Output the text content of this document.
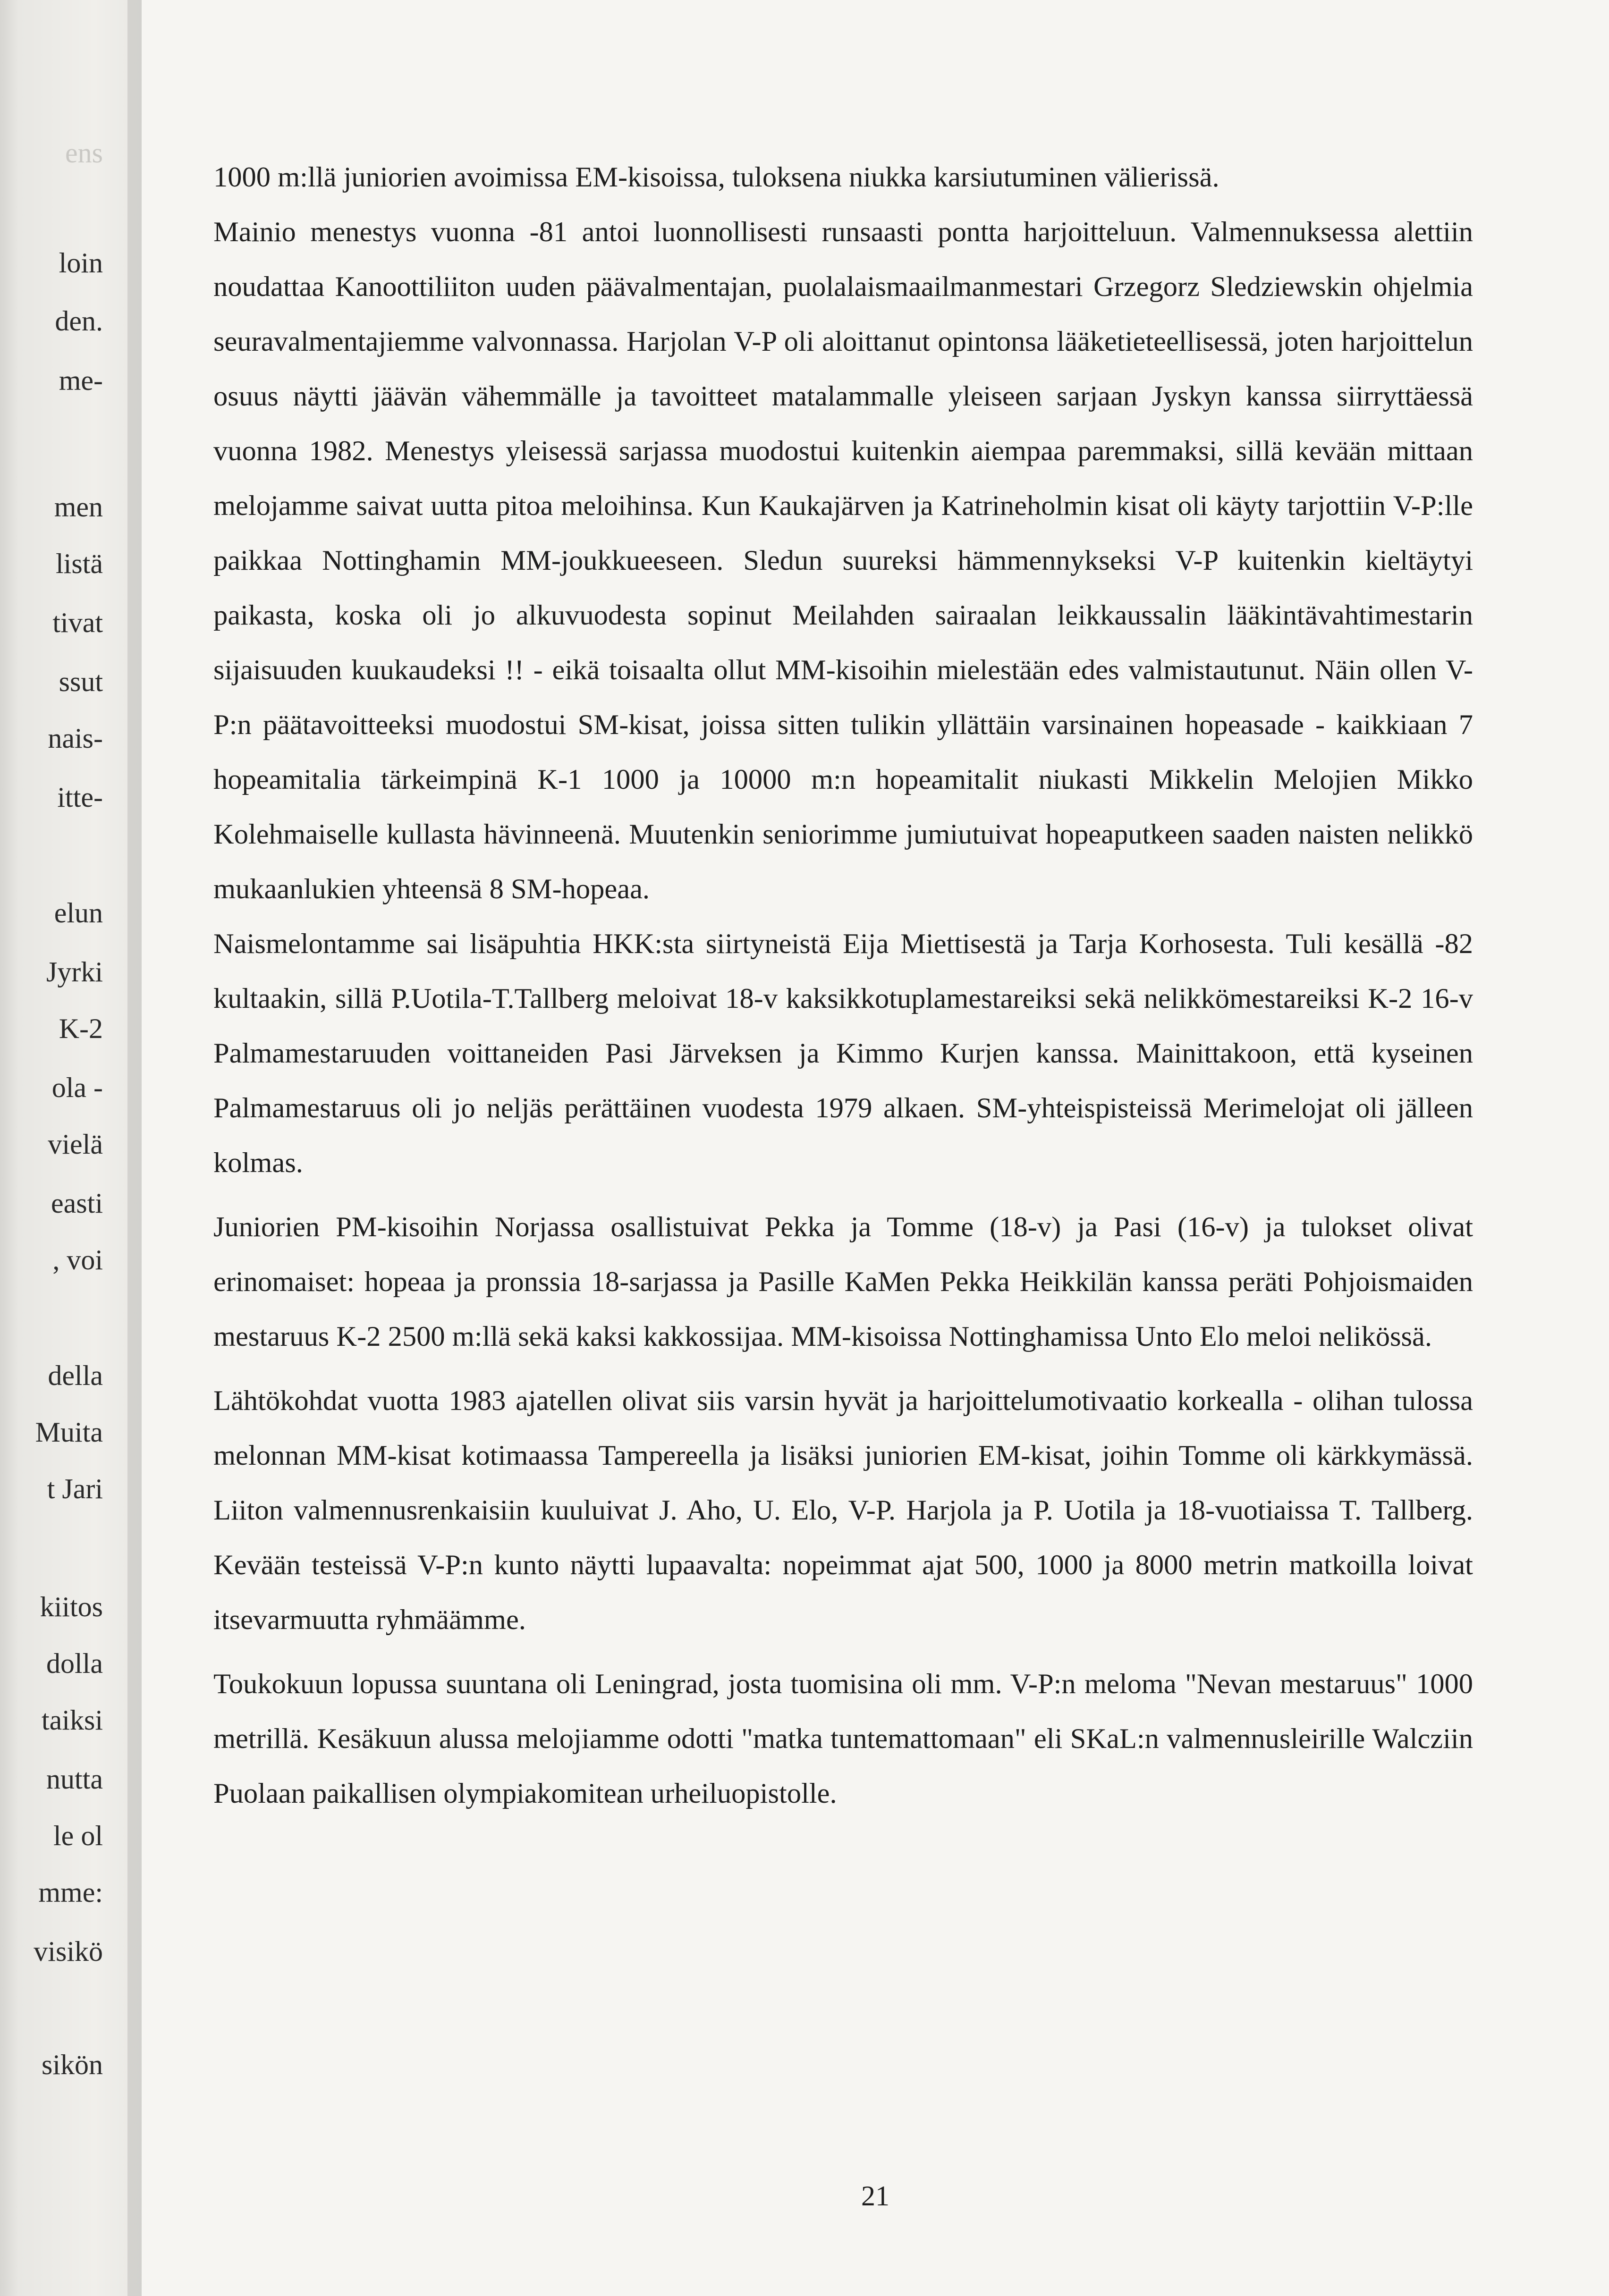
ens
loin
den.
me-
men
listä
tivat
ssut
nais-
itte-
elun
Jyrki
K-2
ola -
vielä
easti
, voi
della
Muita
t Jari
kiitos
dolla
taiksi
nutta
le ol
mme:
visikö
sikön

1000 m:llä juniorien avoimissa EM-kisoissa, tuloksena niukka karsiutuminen välierissä.

Mainio menestys vuonna -81 antoi luonnollisesti runsaasti pontta harjoitteluun. Valmennuksessa alettiin noudattaa Kanoottiliiton uuden päävalmentajan, puolalaismaailmanmestari Grzegorz Sledziewskin ohjelmia seuravalmentajiemme valvonnassa. Harjolan V-P oli aloittanut opintonsa lääketieteellisessä, joten harjoittelun osuus näytti jäävän vähemmälle ja tavoitteet matalammalle yleiseen sarjaan Jyskyn kanssa siirryttäessä vuonna 1982. Menestys yleisessä sarjassa muodostui kuitenkin aiempaa paremmaksi, sillä kevään mittaan melojamme saivat uutta pitoa meloihinsa. Kun Kaukajärven ja Katrineholmin kisat oli käyty tarjottiin V-P:lle paikkaa Nottinghamin MM-joukkueeseen. Sledun suureksi hämmennykseksi V-P kuitenkin kieltäytyi paikasta, koska oli jo alkuvuodesta sopinut Meilahden sairaalan leikkaussalin lääkintävahtimestarin sijaisuuden kuukaudeksi !! - eikä toisaalta ollut MM-kisoihin mielestään edes valmistautunut. Näin ollen V-P:n päätavoitteeksi muodostui SM-kisat, joissa sitten tulikin yllättäin varsinainen hopeasade - kaikkiaan 7 hopeamitalia tärkeimpinä K-1 1000 ja 10000 m:n hopeamitalit niukasti Mikkelin Melojien Mikko Kolehmaiselle kullasta hävinneenä. Muutenkin seniorimme jumiutuivat hopeaputkeen saaden naisten nelikkö mukaanlukien yhteensä 8 SM-hopeaa.

Naismelontamme sai lisäpuhtia HKK:sta siirtyneistä Eija Miettisestä ja Tarja Korhosesta. Tuli kesällä -82 kultaakin, sillä P.Uotila-T.Tallberg meloivat 18-v kaksikkotuplamestareiksi sekä nelikkömestareiksi K-2 16-v Palmamestaruuden voittaneiden Pasi Järveksen ja Kimmo Kurjen kanssa. Mainittakoon, että kyseinen Palmamestaruus oli jo neljäs perättäinen vuodesta 1979 alkaen. SM-yhteispisteissä Merimelojat oli jälleen kolmas.

Juniorien PM-kisoihin Norjassa osallistuivat Pekka ja Tomme (18-v) ja Pasi (16-v) ja tulokset olivat erinomaiset: hopeaa ja pronssia 18-sarjassa ja Pasille KaMen Pekka Heikkilän kanssa peräti Pohjoismaiden mestaruus K-2 2500 m:llä sekä kaksi kakkossijaa. MM-kisoissa Nottinghamissa Unto Elo meloi nelikössä.

Lähtökohdat vuotta 1983 ajatellen olivat siis varsin hyvät ja harjoittelumotivaatio korkealla - olihan tulossa melonnan MM-kisat kotimaassa Tampereella ja lisäksi juniorien EM-kisat, joihin Tomme oli kärkkymässä. Liiton valmennusrenkaisiin kuuluivat J. Aho, U. Elo, V-P. Harjola ja P. Uotila ja 18-vuotiaissa T. Tallberg. Kevään testeissä V-P:n kunto näytti lupaavalta: nopeimmat ajat 500, 1000 ja 8000 metrin matkoilla loivat itsevarmuutta ryhmäämme.

Toukokuun lopussa suuntana oli Leningrad, josta tuomisina oli mm. V-P:n meloma "Nevan mestaruus" 1000 metrillä. Kesäkuun alussa melojiamme odotti "matka tuntemattomaan" eli SKaL:n valmennusleirille Walcziin Puolaan paikallisen olympiakomitean urheiluopistolle.

21
